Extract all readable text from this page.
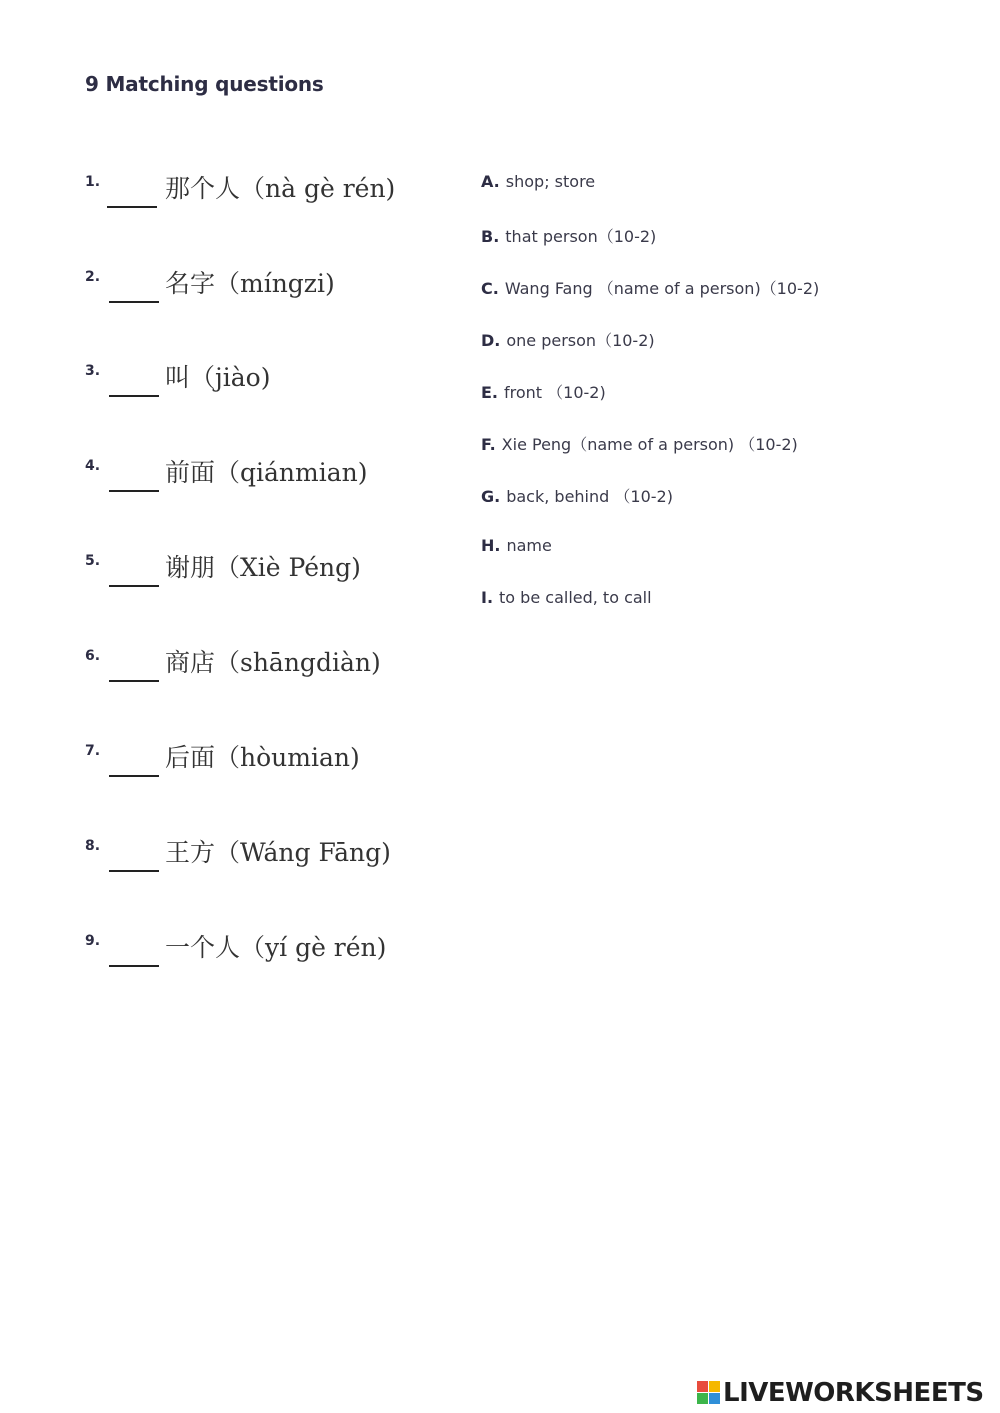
9 Matching questions
1.	那个人（nà gè rén)
2.	名字（míngzi)
3.	叫（jiào)
4.	前面（qiánmian)
5.	谢朋（Xiè Péng)
6.	商店（shāngdiàn)
7.	后面（hòumian)
8.	王方（Wáng Fāng)
9.	一个人（yí gè rén)
A. shop; store
B. that person（10-2)
C. Wang Fang （name of a person)（10-2)
D. one person（10-2)
E. front （10-2)
F. Xie Peng（name of a person) （10-2)
G. back, behind （10-2)
H. name
I. to be called, to call
LIVEWORKSHEETS
